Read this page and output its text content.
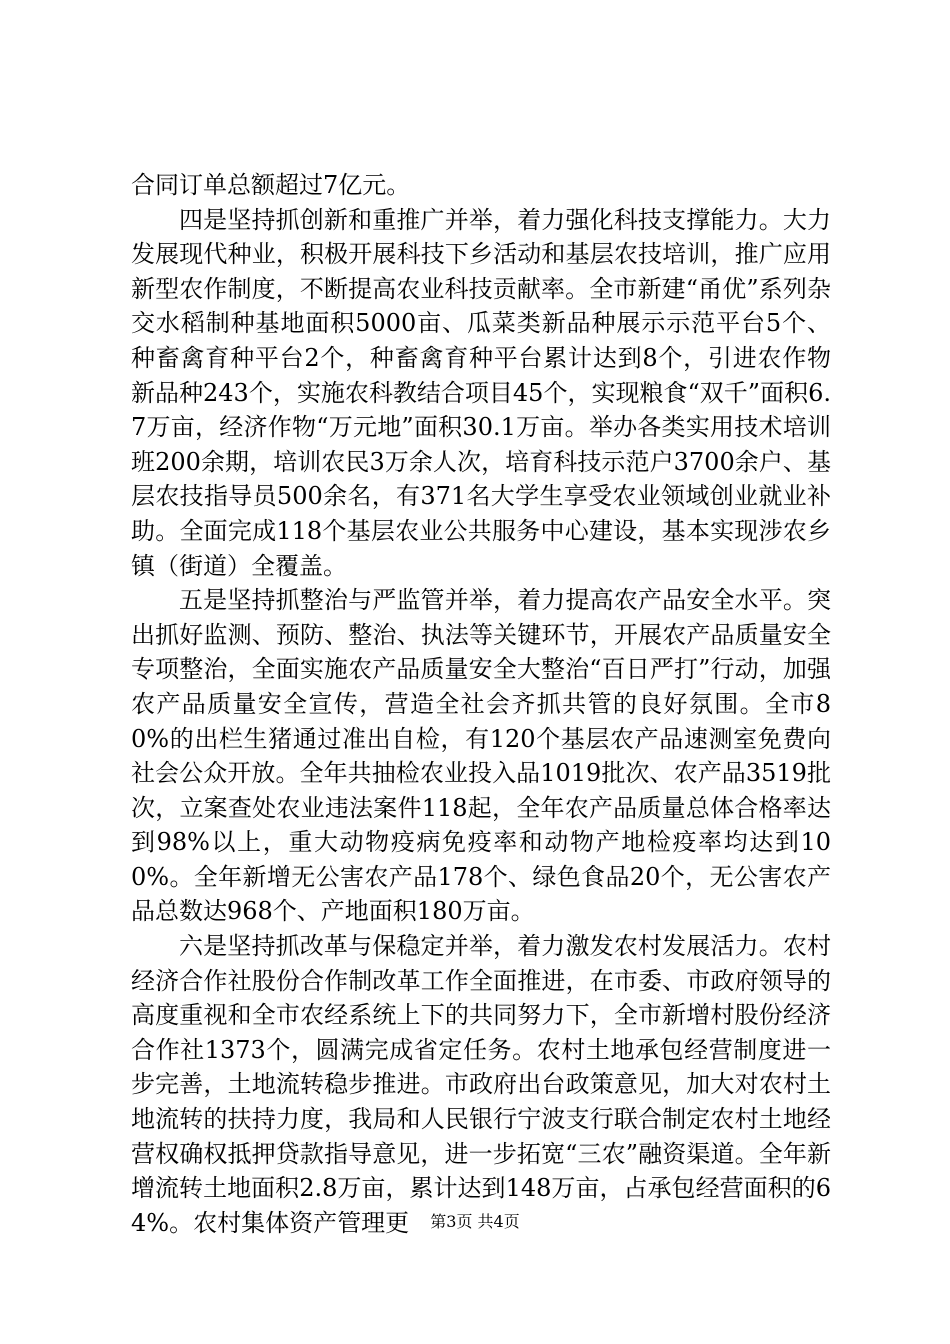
合同订单总额超过7亿元。

四是坚持抓创新和重推广并举，着力强化科技支撑能力。大力发展现代种业，积极开展科技下乡活动和基层农技培训，推广应用新型农作制度，不断提高农业科技贡献率。全市新建“甬优”系列杂交水稻制种基地面积5000亩、瓜菜类新品种展示示范平台5个、种畜禽育种平台2个，种畜禽育种平台累计达到8个，引进农作物新品种243个，实施农科教结合项目45个，实现粮食“双千”面积6.7万亩，经济作物“万元地”面积30.1万亩。举办各类实用技术培训班200余期，培训农民3万余人次，培育科技示范户3700余户、基层农技指导员500余名，有371名大学生享受农业领域创业就业补助。全面完成118个基层农业公共服务中心建设，基本实现涉农乡镇（街道）全覆盖。

五是坚持抓整治与严监管并举，着力提高农产品安全水平。突出抓好监测、预防、整治、执法等关键环节，开展农产品质量安全专项整治，全面实施农产品质量安全大整治“百日严打”行动，加强农产品质量安全宣传，营造全社会齐抓共管的良好氛围。全市80%的出栏生猪通过准出自检，有120个基层农产品速测室免费向社会公众开放。全年共抽检农业投入品1019批次、农产品3519批次，立案查处农业违法案件118起，全年农产品质量总体合格率达到98%以上，重大动物疫病免疫率和动物产地检疫率均达到100%。全年新增无公害农产品178个、绿色食品20个，无公害农产品总数达968个、产地面积180万亩。

六是坚持抓改革与保稳定并举，着力激发农村发展活力。农村经济合作社股份合作制改革工作全面推进，在市委、市政府领导的高度重视和全市农经系统上下的共同努力下，全市新增村股份经济合作社1373个，圆满完成省定任务。农村土地承包经营制度进一步完善，土地流转稳步推进。市政府出台政策意见，加大对农村土地流转的扶持力度，我局和人民银行宁波支行联合制定农村土地经营权确权抵押贷款指导意见，进一步拓宽“三农”融资渠道。全年新增流转土地面积2.8万亩，累计达到148万亩，占承包经营面积的64%。农村集体资产管理更	第3页 共4页
